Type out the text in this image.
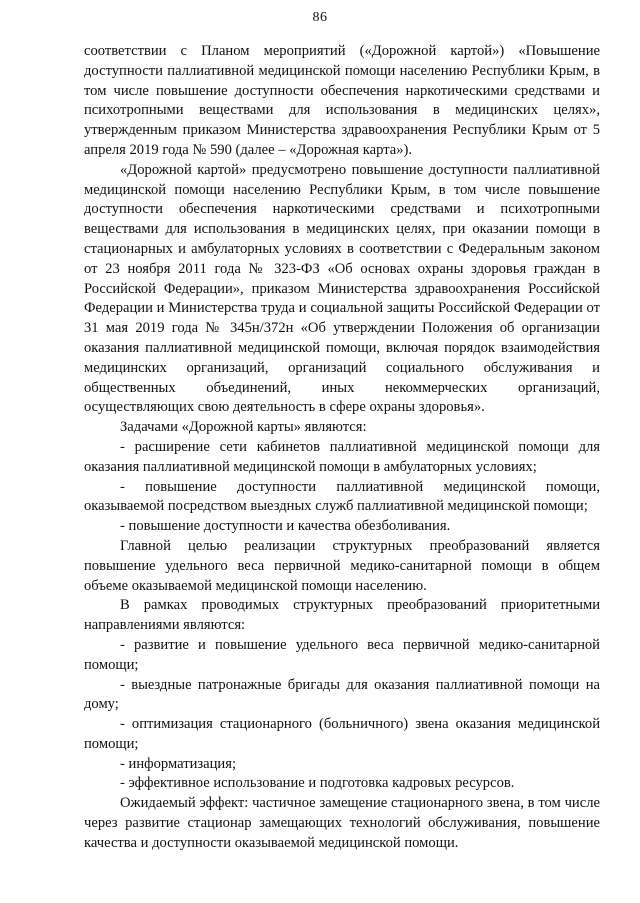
86

соответствии с Планом мероприятий («Дорожной картой») «Повышение доступности паллиативной медицинской помощи населению Республики Крым, в том числе повышение доступности обеспечения наркотическими средствами и психотропными веществами для использования в медицинских целях», утвержденным приказом Министерства здравоохранения Республики Крым от 5 апреля 2019 года № 590 (далее – «Дорожная карта»).

«Дорожной картой» предусмотрено повышение доступности паллиативной медицинской помощи населению Республики Крым, в том числе повышение доступности обеспечения наркотическими средствами и психотропными веществами для использования в медицинских целях, при оказании помощи в стационарных и амбулаторных условиях в соответствии с Федеральным законом от 23 ноября 2011 года № 323-ФЗ «Об основах охраны здоровья граждан в Российской Федерации», приказом Министерства здравоохранения Российской Федерации и Министерства труда и социальной защиты Российской Федерации от 31 мая 2019 года № 345н/372н «Об утверждении Положения об организации оказания паллиативной медицинской помощи, включая порядок взаимодействия медицинских организаций, организаций социального обслуживания и общественных объединений, иных некоммерческих организаций, осуществляющих свою деятельность в сфере охраны здоровья».

Задачами «Дорожной карты» являются:

- расширение сети кабинетов паллиативной медицинской помощи для оказания паллиативной медицинской помощи в амбулаторных условиях;

- повышение доступности паллиативной медицинской помощи, оказываемой посредством выездных служб паллиативной медицинской помощи;

- повышение доступности и качества обезболивания.

Главной целью реализации структурных преобразований является повышение удельного веса первичной медико-санитарной помощи в общем объеме оказываемой медицинской помощи населению.

В рамках проводимых структурных преобразований приоритетными направлениями являются:

- развитие и повышение удельного веса первичной медико-санитарной помощи;

- выездные патронажные бригады для оказания паллиативной помощи на дому;

- оптимизация стационарного (больничного) звена оказания медицинской помощи;

- информатизация;

- эффективное использование и подготовка кадровых ресурсов.

Ожидаемый эффект: частичное замещение стационарного звена, в том числе через развитие стационар замещающих технологий обслуживания, повышение качества и доступности оказываемой медицинской помощи.
